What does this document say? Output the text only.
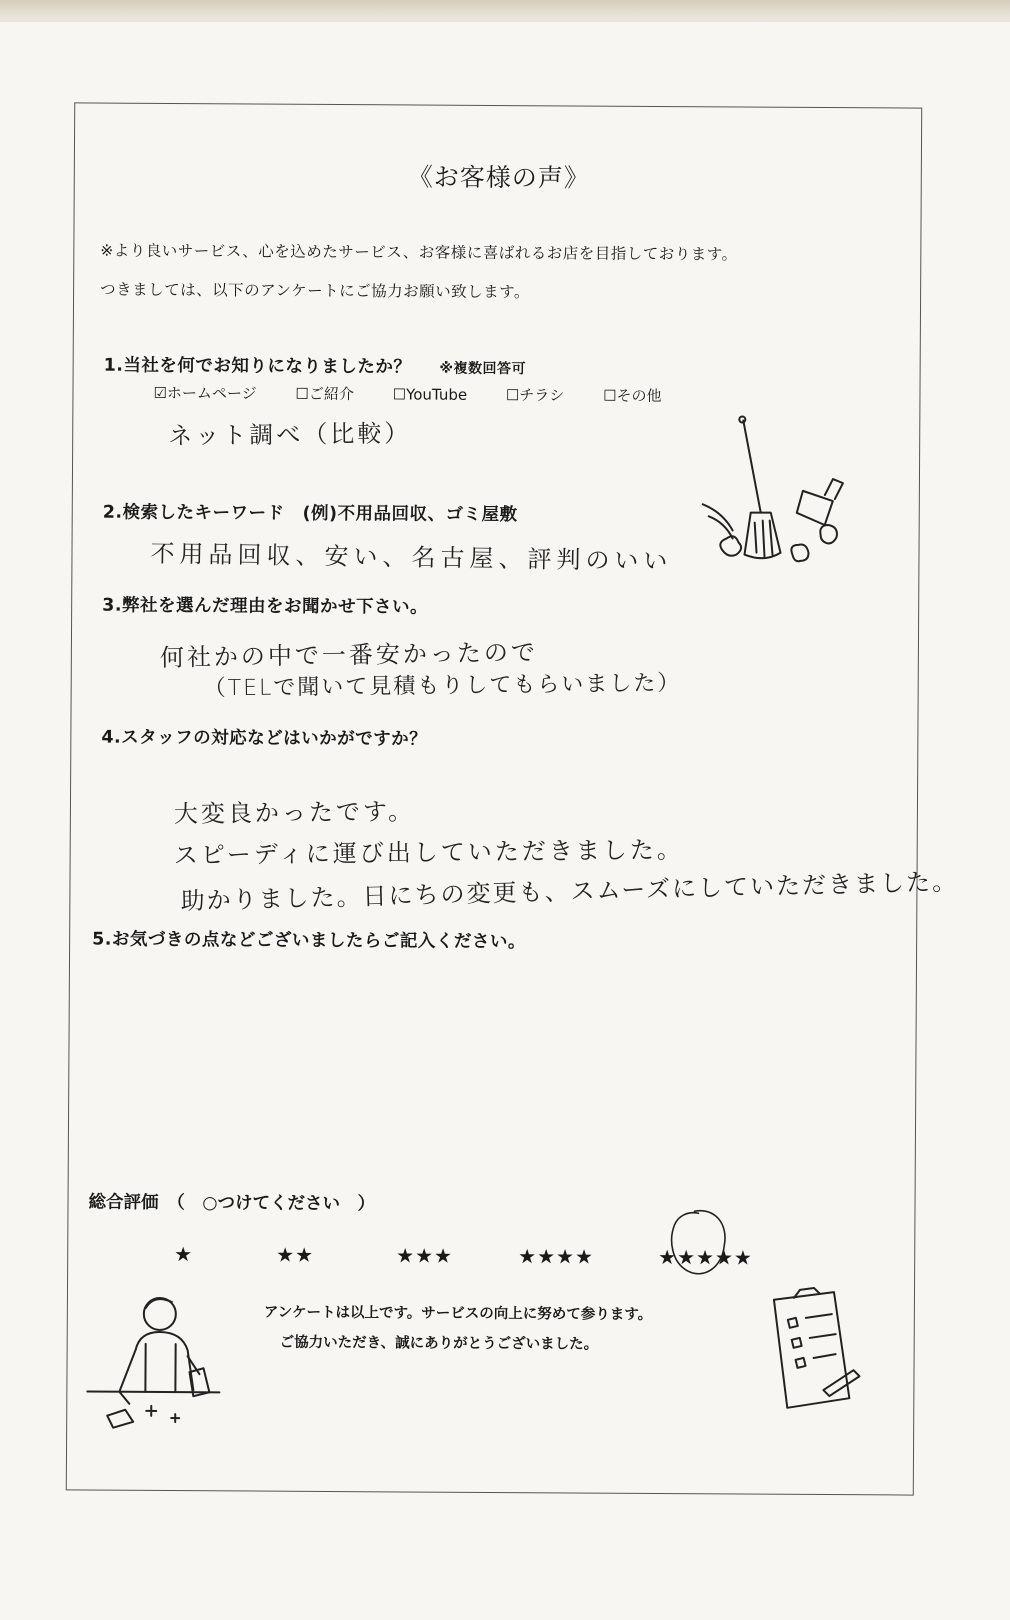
《お客様の声》
※より良いサービス、心を込めたサービス、お客様に喜ばれるお店を目指しております。
つきましては、以下のアンケートにご協力お願い致します。
1.当社を何でお知りになりましたか？ ※複数回答可
☑ホームページ	☐ご紹介	☐YouTube	☐チラシ	☐その他
ネット調べ（比較）
2.検索したキーワード　(例)不用品回収、ゴミ屋敷
不用品回収、安い、名古屋、評判のいい
3.弊社を選んだ理由をお聞かせ下さい。
何社かの中で一番安かったので
（TELで聞いて見積もりしてもらいました）
4.スタッフの対応などはいかがですか？
大変良かったです。
スピーディに運び出していただきました。
助かりました。日にちの変更も、スムーズにしていただきました。
5.お気づきの点などございましたらご記入ください。
総合評価　（　○つけてください　）
★	★★	★★★	★★★★	★★★★★
アンケートは以上です。サービスの向上に努めて参ります。
ご協力いただき、誠にありがとうございました。
